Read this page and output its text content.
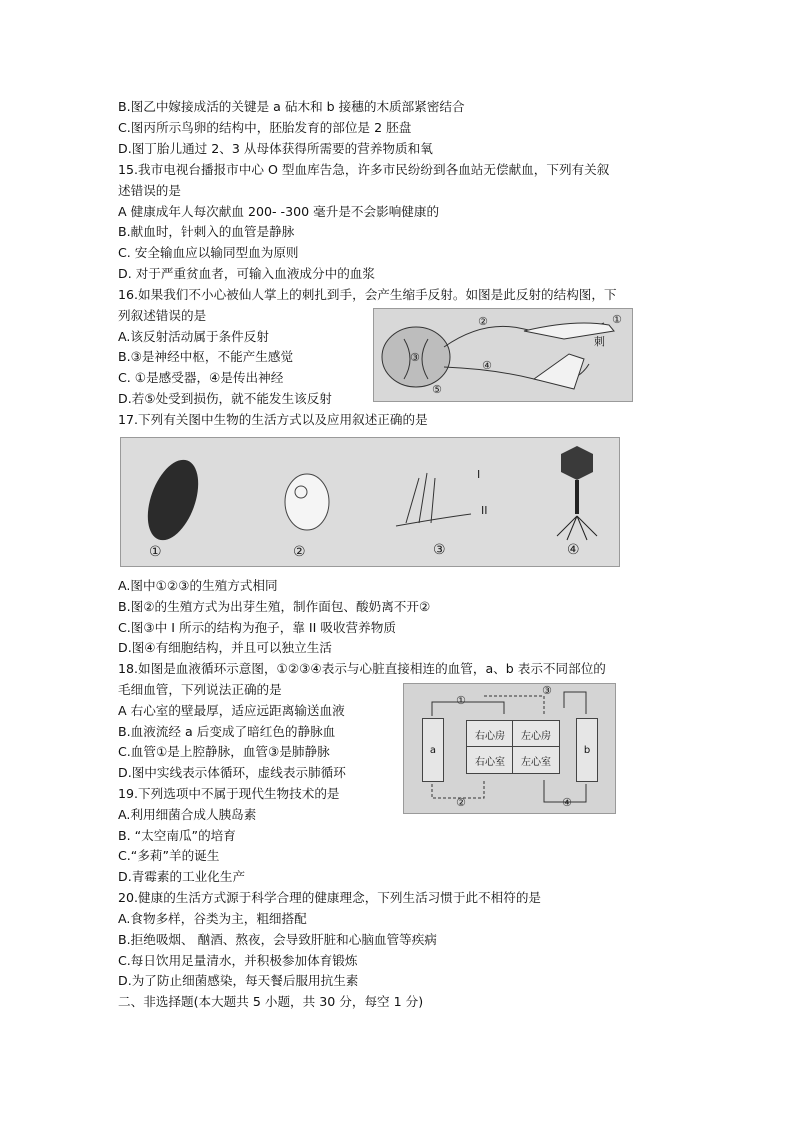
B.图乙中嫁接成活的关键是 a 砧木和 b 接穗的木质部紧密结合
C.图丙所示鸟卵的结构中，胚胎发育的部位是 2 胚盘
D.图丁胎儿通过 2、3 从母体获得所需要的营养物质和氧
15.我市电视台播报市中心 O 型血库告急，许多市民纷纷到各血站无偿献血，下列有关叙
述错误的是
A 健康成年人每次献血 200- -300 毫升是不会影响健康的
B.献血时，针刺入的血管是静脉
C. 安全输血应以输同型血为原则
D. 对于严重贫血者，可输入血液成分中的血浆
16.如果我们不小心被仙人掌上的刺扎到手，会产生缩手反射。如图是此反射的结构图，下
列叙述错误的是
A.该反射活动属于条件反射
B.③是神经中枢，不能产生感觉
C. ①是感受器，④是传出神经
D.若⑤处受到损伤，就不能发生该反射
17.下列有关图中生物的生活方式以及应用叙述正确的是
A.图中①②③的生殖方式相同
B.图②的生殖方式为出芽生殖，制作面包、酸奶离不开②
C.图③中 I 所示的结构为孢子，靠 II 吸收营养物质
D.图④有细胞结构，并且可以独立生活
18.如图是血液循环示意图，①②③④表示与心脏直接相连的血管，a、b 表示不同部位的
毛细血管，下列说法正确的是
A 右心室的壁最厚，适应远距离输送血液
B.血液流经 a 后变成了暗红色的静脉血
C.血管①是上腔静脉，血管③是肺静脉
D.图中实线表示体循环，虚线表示肺循环
19.下列选项中不属于现代生物技术的是
A.利用细菌合成人胰岛素
B. “太空南瓜”的培育
C.“多莉”羊的诞生
D.青霉素的工业化生产
20.健康的生活方式源于科学合理的健康理念，下列生活习惯于此不相符的是
A.食物多样，谷类为主，粗细搭配
B.拒绝吸烟、 酗酒、熬夜，会导致肝脏和心脑血管等疾病
C.每日饮用足量清水，并积极参加体育锻炼
D.为了防止细菌感染，每天餐后服用抗生素
二、非选择题(本大题共 5 小题，共 30 分，每空 1 分)
②	①
刺
③
④
⑤
①	②	③	④
I
II
a	b
右心房 左心房
右心室 左心室
①
②
③
④
